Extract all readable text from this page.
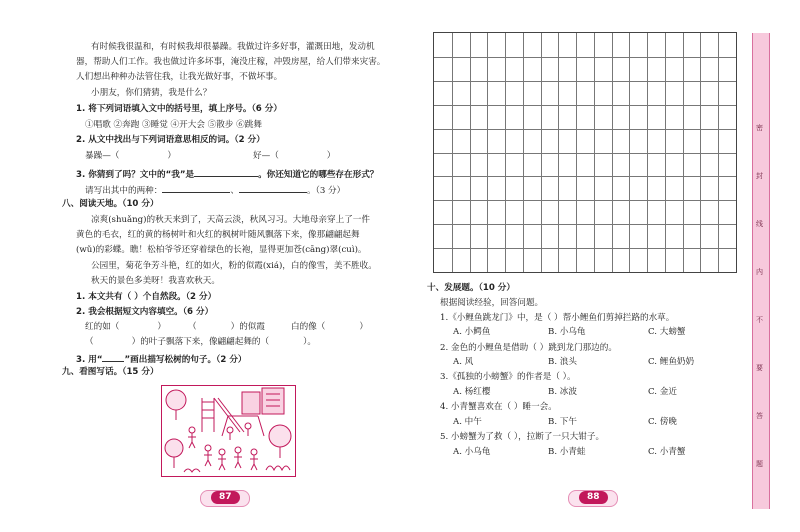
有时候我很温和，有时候我却很暴躁。我做过许多好事，灌溉田地，发动机
器，帮助人们工作。我也做过许多坏事，淹没庄稼，冲毁房屋，给人们带来灾害。
人们想出种种办法管住我，让我光做好事，不做坏事。
小朋友，你们猜猜，我是什么？
1. 将下列词语填入文中的括号里，填上序号。（6 分）
①唱歌 ②奔跑 ③睡觉 ④开大会 ⑤散步 ⑥跳舞
2. 从文中找出与下列词语意思相反的词。（2 分）
暴躁—（	）	好—（	）
3. 你猜到了吗？文中的“我”是	。你还知道它的哪些存在形式？
请写出其中的两种：	、	。（3 分）
八、阅读天地。（10 分）
凉爽(shuǎng)的秋天来到了，天高云淡，秋风习习。大地母亲穿上了一件
黄色的毛衣，红的黄的杨树叶和火红的枫树叶随风飘落下来，像那翩翩起舞
(wǔ)的彩蝶。瞧！松柏爷爷还穿着绿色的长袍，显得更加苍(cāng)翠(cuì)。
公园里，菊花争芳斗艳，红的如火，粉的似霞(xiá)，白的像雪，美不胜收。
秋天的景色多美呀！我喜欢秋天。
1. 本文共有（ ）个自然段。（2 分）
2. 我会根据短文内容填空。（6 分）
红的如（	）	（	）的似霞	白的像（	）
（	）的叶子飘落下来，像翩翩起舞的（	）。
3. 用“	”画出描写松树的句子。（2 分）
九、看图写话。（15 分）
87
十、发展题。（10 分）
根据阅读经验，回答问题。
1.《小鲤鱼跳龙门》中，是（ ）帮小鲤鱼们剪掉拦路的水草。
A. 小鳄鱼	B. 小乌龟	C. 大螃蟹
2. 金色的小鲤鱼是借助（ ）跳到龙门那边的。
A. 风	B. 浪头	C. 鲤鱼奶奶
3.《孤独的小螃蟹》的作者是（ ）。
A. 杨红樱	B. 冰波	C. 金近
4. 小青蟹喜欢在（ ）睡一会。
A. 中午	B. 下午	C. 傍晚
5. 小螃蟹为了救（ ），拉断了一只大钳子。
A. 小乌龟	B. 小青蛙	C. 小青蟹
88
密
封
线
内
不
要
答
题
